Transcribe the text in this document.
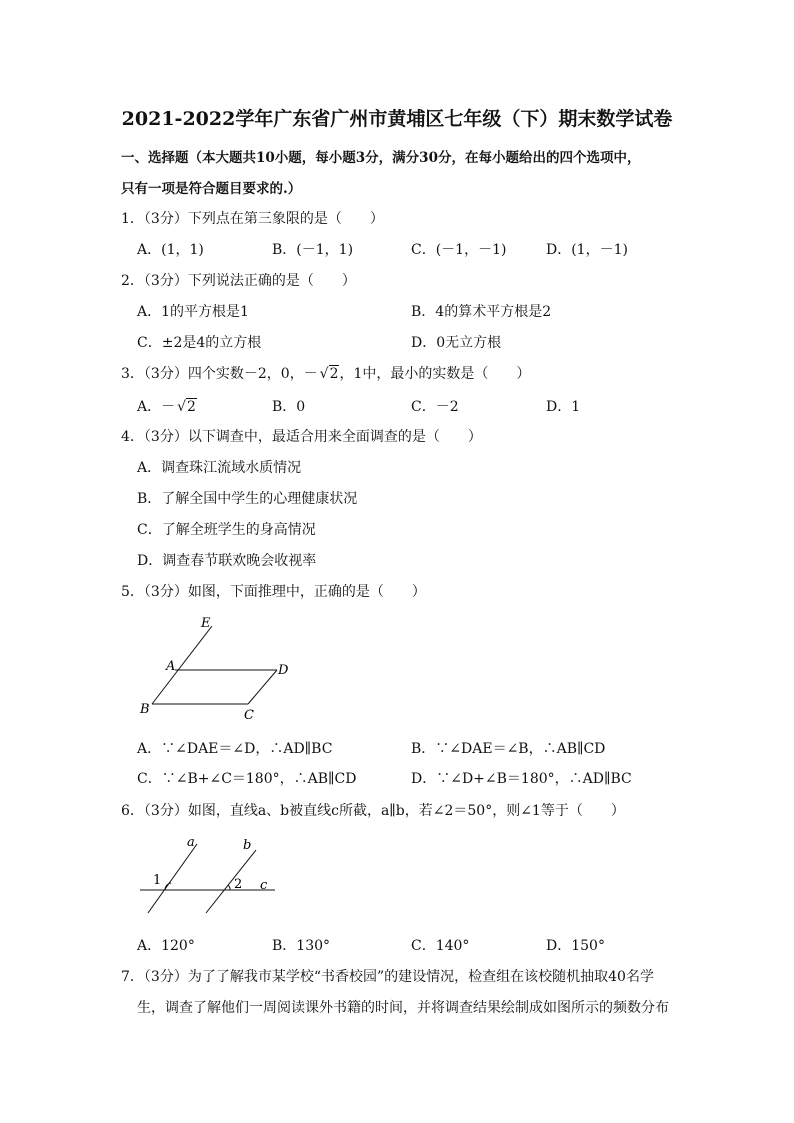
2021-2022学年广东省广州市黄埔区七年级（下）期末数学试卷
一、选择题（本大题共10小题，每小题3分，满分30分，在每小题给出的四个选项中，
只有一项是符合题目要求的.）
1．（3分）下列点在第三象限的是（　　）
A．(1，1)	B．(－1，1)	C．(－1，－1)	D．(1，－1)
2．（3分）下列说法正确的是（　　）
A．1的平方根是1	B．4的算术平方根是2
C．±2是4的立方根	D．0无立方根
3．（3分）四个实数－2，0，－ √2，1中，最小的实数是（　　）
A．－ √2	B．0	C．－2	D．1
4．（3分）以下调查中，最适合用来全面调查的是（　　）
A．调查珠江流域水质情况
B．了解全国中学生的心理健康状况
C．了解全班学生的身高情况
D．调查春节联欢晚会收视率
5．（3分）如图，下面推理中，正确的是（　　）
E
A	D
B	C
A．∵∠DAE＝∠D，∴AD∥BC	B．∵∠DAE＝∠B，∴AB∥CD
C．∵∠B+∠C＝180°，∴AB∥CD	D．∵∠D+∠B＝180°，∴AD∥BC
6．（3分）如图，直线a、b被直线c所截，a∥b，若∠2＝50°，则∠1等于（　　）
a	b
c
1	2
A．120°	B．130°	C．140°	D．150°
7．（3分）为了了解我市某学校“书香校园”的建设情况，检查组在该校随机抽取40名学
生，调查了解他们一周阅读课外书籍的时间，并将调查结果绘制成如图所示的频数分布
